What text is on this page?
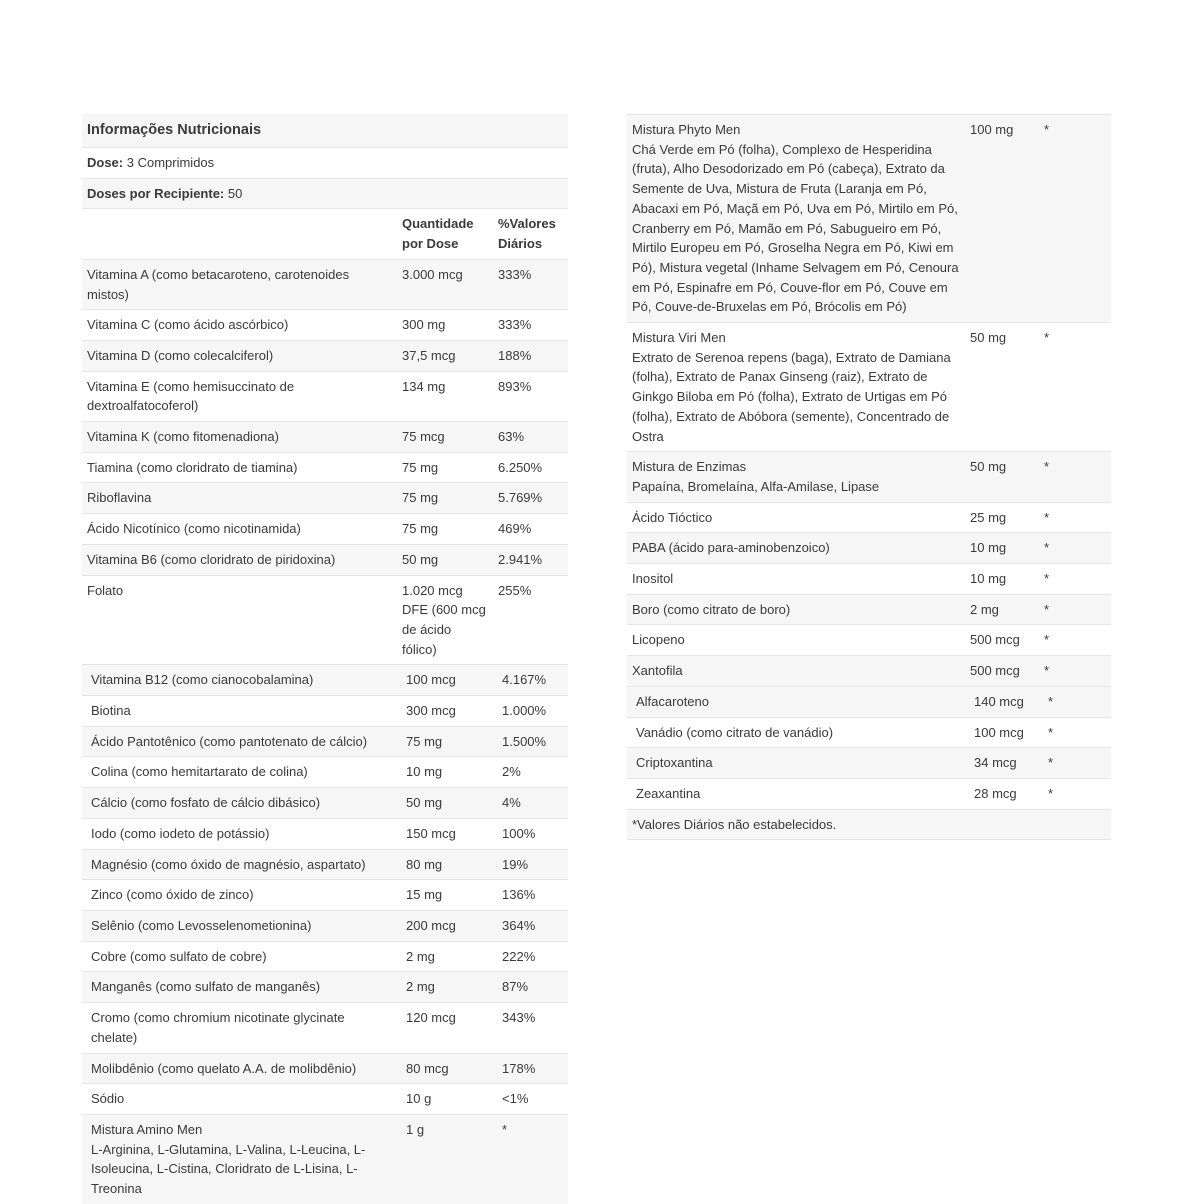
Informações Nutricionais
Dose: 3 Comprimidos
Doses por Recipiente: 50
	Quantidade por Dose	%Valores Diários
Vitamina A (como betacaroteno, carotenoides mistos)	3.000 mcg	333%

Vitamina C (como ácido ascórbico)	300 mg	333%

Vitamina D (como colecalciferol)	37,5 mcg	188%

Vitamina E (como hemisuccinato de dextroalfatocoferol)	134 mg	893%

Vitamina K (como fitomenadiona)	75 mcg	63%

Tiamina (como cloridrato de tiamina)	75 mg	6.250%

Riboflavina	75 mg	5.769%

Ácido Nicotínico (como nicotinamida)	75 mg	469%

Vitamina B6 (como cloridrato de piridoxina)	50 mg	2.941%

Folato	1.020 mcg DFE (600 mcg de ácido fólico)	255%
Vitamina B12 (como cianocobalamina)	100 mcg	4.167%

Biotina	300 mcg	1.000%

Ácido Pantotênico (como pantotenato de cálcio)	75 mg	1.500%

Colina (como hemitartarato de colina)	10 mg	2%

Cálcio (como fosfato de cálcio dibásico)	50 mg	4%

Iodo (como iodeto de potássio)	150 mcg	100%

Magnésio (como óxido de magnésio, aspartato)	80 mg	19%

Zinco (como óxido de zinco)	15 mg	136%

Selênio (como Levosselenometionina)	200 mcg	364%

Cobre (como sulfato de cobre)	2 mg	222%

Manganês (como sulfato de manganês)	2 mg	87%

Cromo (como chromium nicotinate glycinate chelate)	120 mcg	343%

Molibdênio (como quelato A.A. de molibdênio)	80 mcg	178%

Sódio	10 g	<1%

Mistura Amino Men
L-Arginina, L-Glutamina, L-Valina, L-Leucina, L-Isoleucina, L-Cistina, Cloridrato de L-Lisina, L-Treonina	1 g	*
Mistura Phyto Men
Chá Verde em Pó (folha), Complexo de Hesperidina (fruta), Alho Desodorizado em Pó (cabeça), Extrato da Semente de Uva, Mistura de Fruta (Laranja em Pó, Abacaxi em Pó, Maçã em Pó, Uva em Pó, Mirtilo em Pó, Cranberry em Pó, Mamão em Pó, Sabugueiro em Pó, Mirtilo Europeu em Pó, Groselha Negra em Pó, Kiwi em Pó), Mistura vegetal (Inhame Selvagem em Pó, Cenoura em Pó, Espinafre em Pó, Couve-flor em Pó, Couve em Pó, Couve-de-Bruxelas em Pó, Brócolis em Pó)	100 mg	*

Mistura Viri Men
Extrato de Serenoa repens (baga), Extrato de Damiana (folha), Extrato de Panax Ginseng (raiz), Extrato de Ginkgo Biloba em Pó (folha), Extrato de Urtigas em Pó (folha), Extrato de Abóbora (semente), Concentrado de Ostra	50 mg	*

Mistura de Enzimas
Papaína, Bromelaína, Alfa-Amilase, Lipase	50 mg	*

Ácido Tióctico	25 mg	*

PABA (ácido para-aminobenzoico)	10 mg	*

Inositol	10 mg	*

Boro (como citrato de boro)	2 mg	*

Licopeno	500 mcg	*

Xantofila	500 mcg	*
Alfacaroteno	140 mcg	*

Vanádio (como citrato de vanádio)	100 mcg	*

Criptoxantina	34 mcg	*

Zeaxantina	28 mcg	*
*Valores Diários não estabelecidos.
